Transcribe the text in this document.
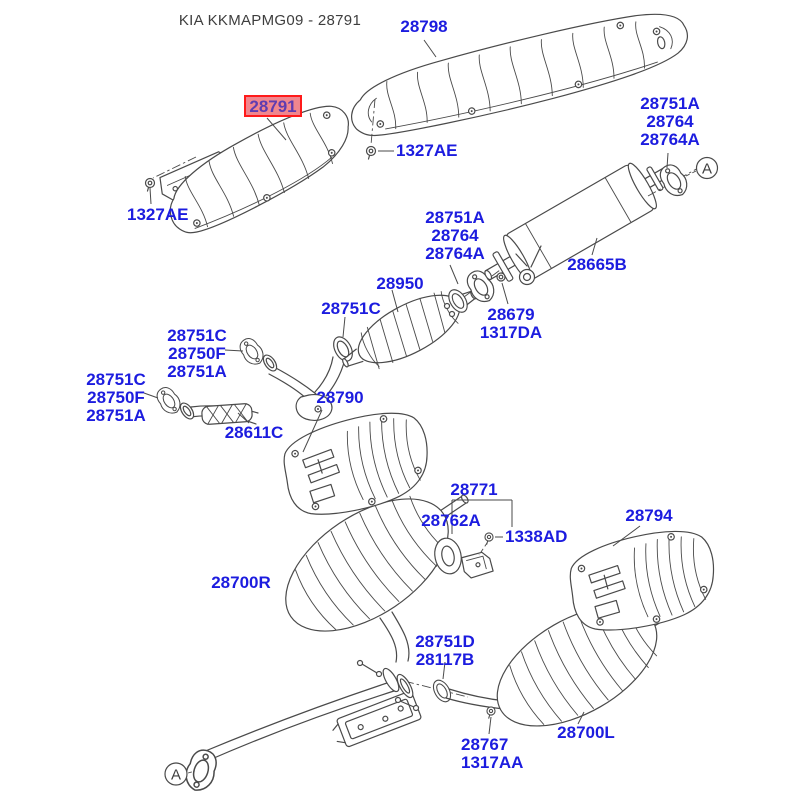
A
A
KIA KKMAPMG09 - 28791	28798
28791
1327AE
1327AE
28751A
28764
28764A
28665B
28751A
28764
28764A
28950
28751C	28679
1317DA
28751C
28750F
28751A
28751C
28750F
28751A
28611C
28790
28771
28762A
1338AD
28794
28700R
28751D
28117B
28700L
28767
1317AA
